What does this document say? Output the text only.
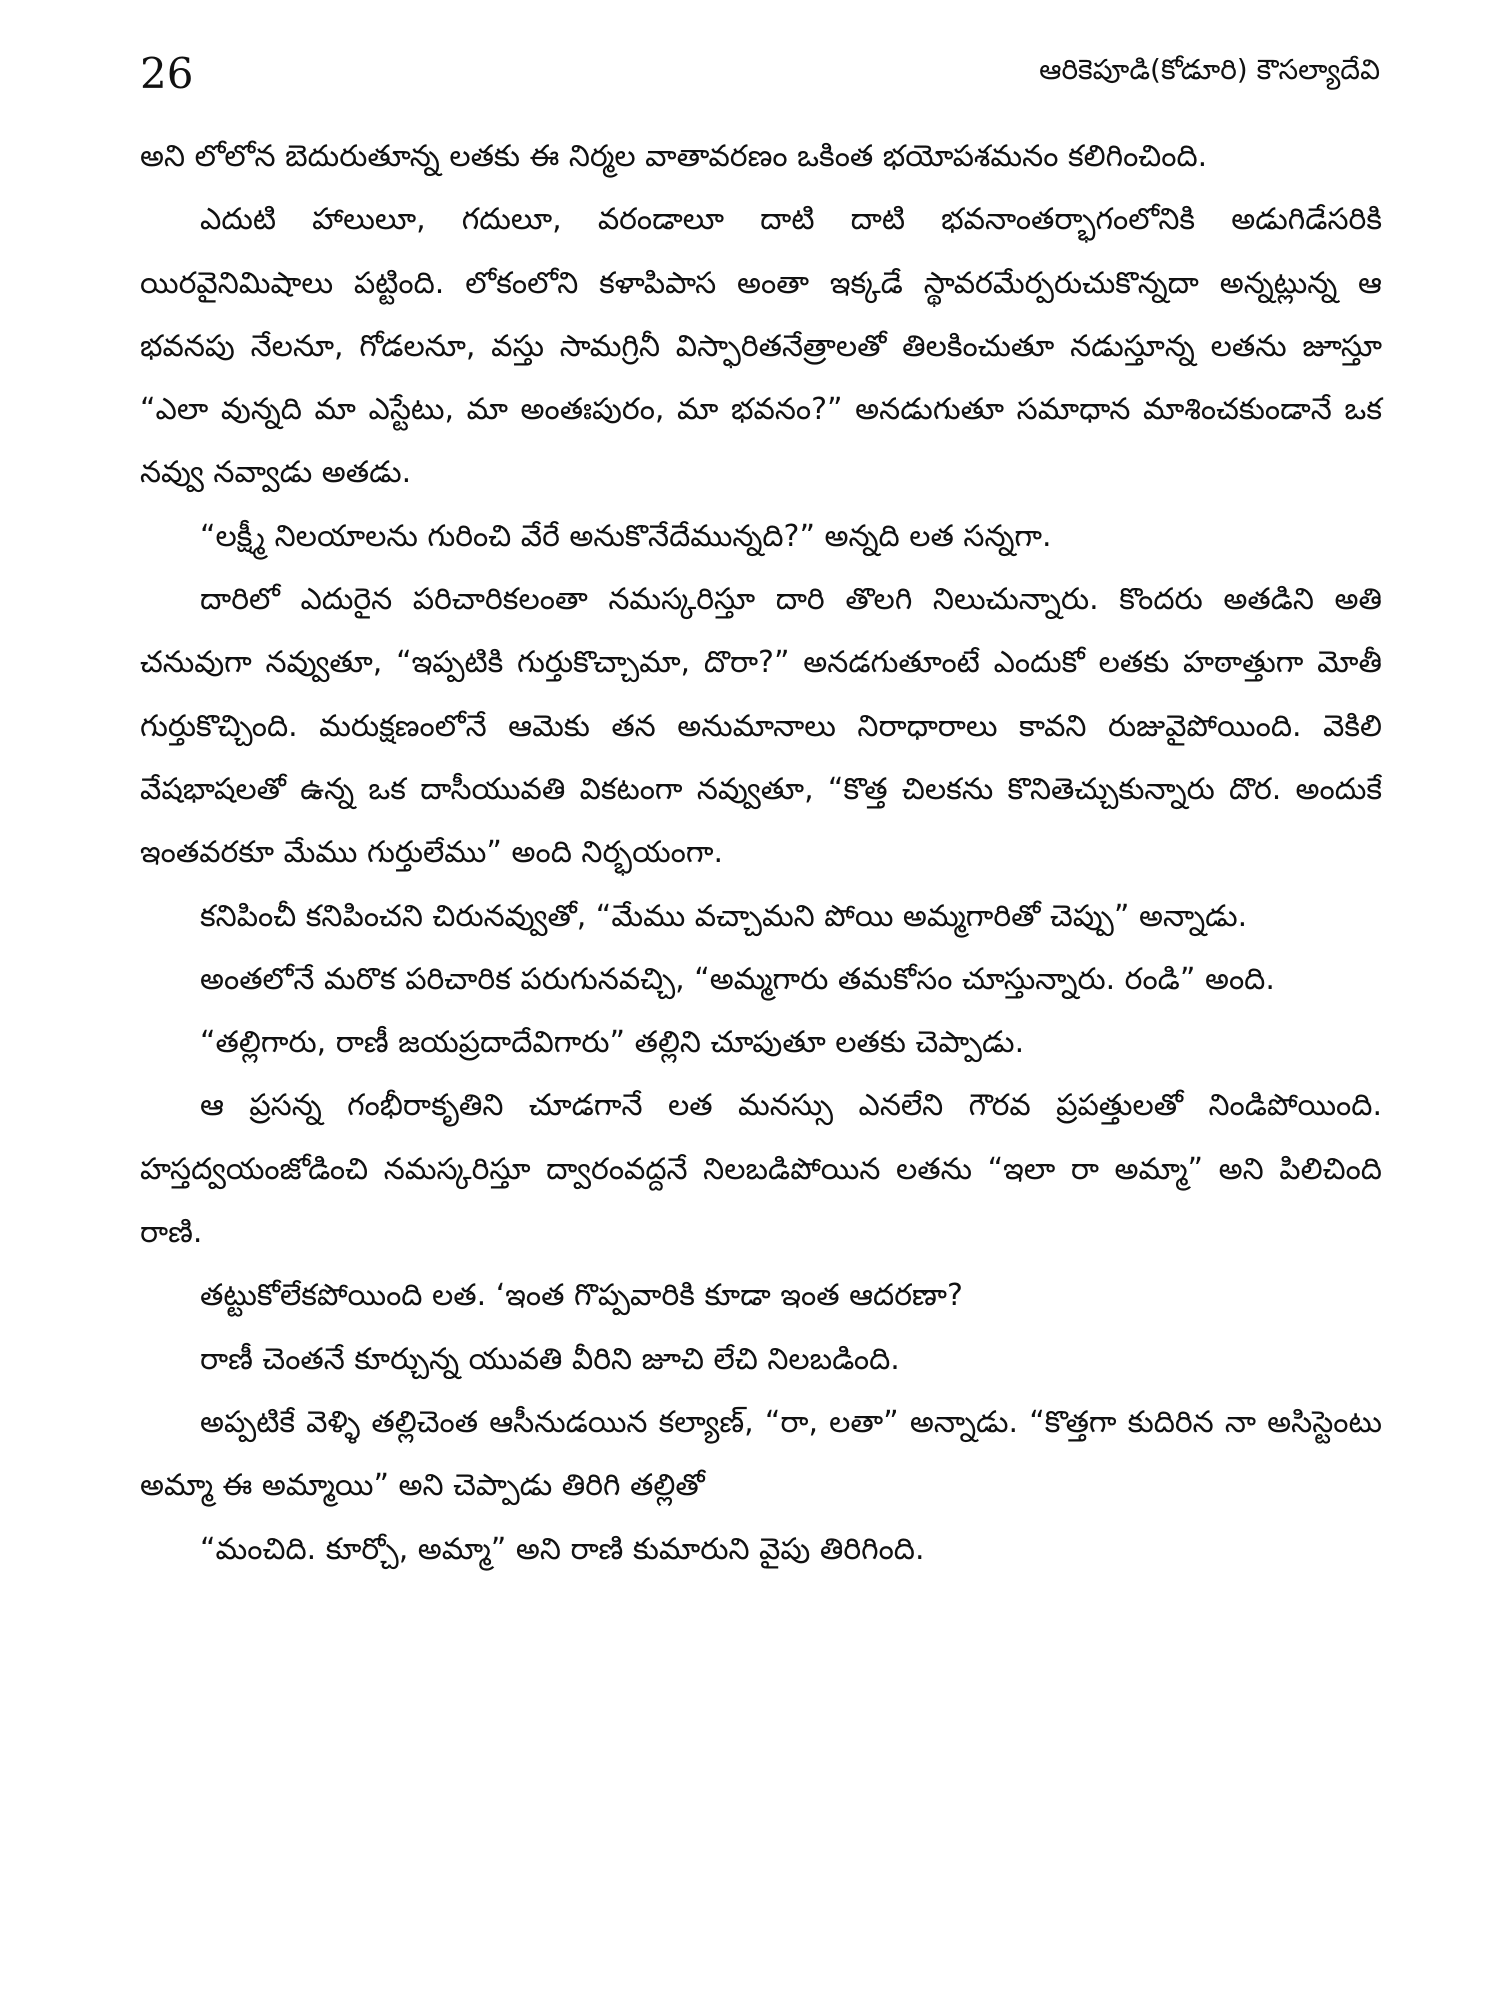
26	ఆరికెపూడి(కోడూరి) కౌసల్యాదేవి

అని లోలోన బెదురుతూన్న లతకు ఈ నిర్మల వాతావరణం ఒకింత భయోపశమనం కలిగించింది.

ఎదుటి హాలులూ, గదులూ, వరండాలూ దాటి దాటి భవనాంతర్భాగంలోనికి అడుగిడేసరికి యిరవైనిమిషాలు పట్టింది. లోకంలోని కళాపిపాస అంతా ఇక్కడే స్థావరమేర్పరుచుకొన్నదా అన్నట్లున్న ఆ భవనపు నేలనూ, గోడలనూ, వస్తు సామగ్రినీ విస్ఫారితనేత్రాలతో తిలకించుతూ నడుస్తూన్న లతను జూస్తూ “ఎలా వున్నది మా ఎస్టేటు, మా అంతఃపురం, మా భవనం?” అనడుగుతూ సమాధాన మాశించకుండానే ఒక నవ్వు నవ్వాడు అతడు.

“లక్ష్మీ నిలయాలను గురించి వేరే అనుకొనేదేమున్నది?” అన్నది లత సన్నగా.

దారిలో ఎదురైన పరిచారికలంతా నమస్కరిస్తూ దారి తొలగి నిలుచున్నారు. కొందరు అతడిని అతి చనువుగా నవ్వుతూ, “ఇప్పటికి గుర్తుకొచ్చామా, దొరా?” అనడగుతూంటే ఎందుకో లతకు హఠాత్తుగా మోతీ గుర్తుకొచ్చింది. మరుక్షణంలోనే ఆమెకు తన అనుమానాలు నిరాధారాలు కావని రుజువైపోయింది. వెకిలి వేషభాషలతో ఉన్న ఒక దాసీయువతి వికటంగా నవ్వుతూ, “కొత్త చిలకను కొనితెచ్చుకున్నారు దొర. అందుకే ఇంతవరకూ మేము గుర్తులేము” అంది నిర్భయంగా.

కనిపించీ కనిపించని చిరునవ్వుతో, “మేము వచ్చామని పోయి అమ్మగారితో చెప్పు” అన్నాడు.

అంతలోనే మరొక పరిచారిక పరుగునవచ్చి, “అమ్మగారు తమకోసం చూస్తున్నారు. రండి” అంది.

“తల్లిగారు, రాణీ జయప్రదాదేవిగారు” తల్లిని చూపుతూ లతకు చెప్పాడు.

ఆ ప్రసన్న గంభీరాకృతిని చూడగానే లత మనస్సు ఎనలేని గౌరవ ప్రపత్తులతో నిండిపోయింది. హస్తద్వయంజోడించి నమస్కరిస్తూ ద్వారంవద్దనే నిలబడిపోయిన లతను “ఇలా రా అమ్మా” అని పిలిచింది రాణి.

తట్టుకోలేకపోయింది లత. ‘ఇంత గొప్పవారికి కూడా ఇంత ఆదరణా?

రాణీ చెంతనే కూర్చున్న యువతి వీరిని జూచి లేచి నిలబడింది.

అప్పటికే వెళ్ళి తల్లిచెంత ఆసీనుడయిన కల్యాణ్, “రా, లతా” అన్నాడు. “కొత్తగా కుదిరిన నా అసిస్టెంటు అమ్మా ఈ అమ్మాయి” అని చెప్పాడు తిరిగి తల్లితో

“మంచిది. కూర్చో, అమ్మా” అని రాణి కుమారుని వైపు తిరిగింది.
